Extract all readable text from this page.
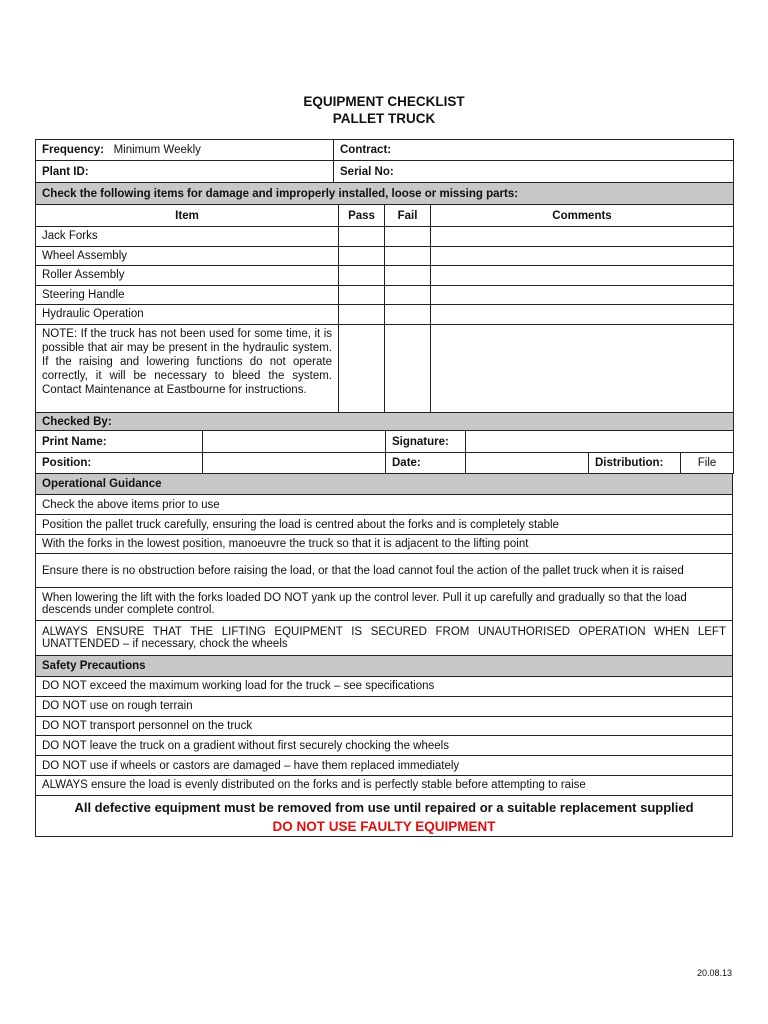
EQUIPMENT CHECKLIST
PALLET TRUCK
Frequency: Minimum Weekly	Contract:
Plant ID:	Serial No:
Check the following items for damage and improperly installed, loose or missing parts:			
Item	Pass	Fail	Comments
Jack Forks			
Wheel Assembly			
Roller Assembly			
Steering Handle			
Hydraulic Operation			
NOTE: If the truck has not been used for some time, it is possible that air may be present in the hydraulic system. If the raising and lowering functions do not operate correctly, it will be necessary to bleed the system. Contact Maintenance at Eastbourne for instructions.			
Checked By:					
Print Name:		Signature:			
Position:		Date:		Distribution:	File
Operational Guidance
Check the above items prior to use
Position the pallet truck carefully, ensuring the load is centred about the forks and is completely stable
With the forks in the lowest position, manoeuvre the truck so that it is adjacent to the lifting point
Ensure there is no obstruction before raising the load, or that the load cannot foul the action of the pallet truck when it is raised
When lowering the lift with the forks loaded DO NOT yank up the control lever. Pull it up carefully and gradually so that the load descends under complete control.
ALWAYS ENSURE THAT THE LIFTING EQUIPMENT IS SECURED FROM UNAUTHORISED OPERATION WHEN LEFT UNATTENDED – if necessary, chock the wheels
Safety Precautions
DO NOT exceed the maximum working load for the truck – see specifications
DO NOT use on rough terrain
DO NOT transport personnel on the truck
DO NOT leave the truck on a gradient without first securely chocking the wheels
DO NOT use if wheels or castors are damaged – have them replaced immediately
ALWAYS ensure the load is evenly distributed on the forks and is perfectly stable before attempting to raise

All defective equipment must be removed from use until repaired or a suitable replacement supplied
DO NOT USE FAULTY EQUIPMENT
20.08.13
